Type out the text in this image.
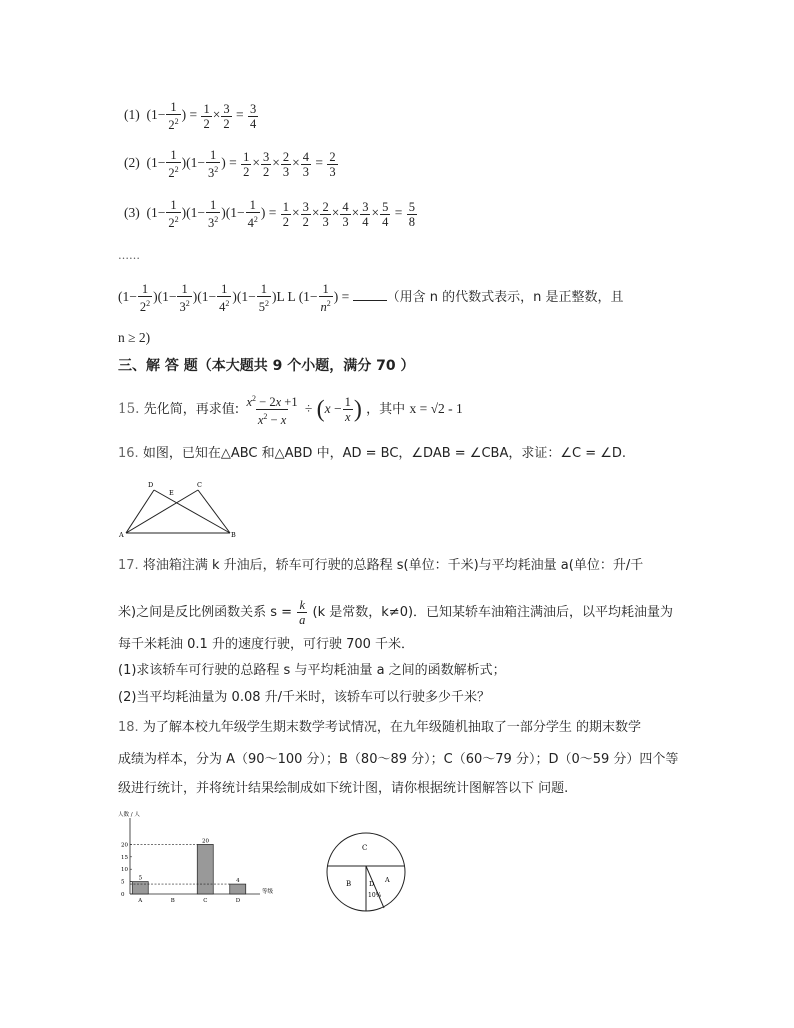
(1) ($1- \frac{1}{2^2}$ ) = $\frac{1}{2} \times \frac{3}{2} = \frac{3}{4}$
(2)  $(1- \frac{1}{2^2} )(1- \frac{1}{3^2}$ ) = $\frac{1}{2} \times \frac{3}{2} \times \frac{2}{3} \times \frac{4}{3} = \frac{2}{3}$
(3)  $(1- \frac{1}{2^2} )(1- \frac{1}{3^2} )(1- \frac{1}{4^2}$ ) = $\frac{1}{2} \times \frac{3}{2} \times \frac{2}{3} \times \frac{4}{3} \times \frac{3}{4} \times \frac{5}{4} = \frac{5}{8}$
……
$(1- \frac{1}{2^2} )(1- \frac{1}{3^2} )(1- \frac{1}{4^2} )(1- \frac{1}{5^2} )L$ L ($1- \frac{1}{n^2}$ ) =	（用含 n 的代数式表示，n 是正整数，且
n ≥ 2)
三、解 答 题（本大题共 9 个小题，满分 70 ）
15. 先化简，再求值: $\frac{x^2 - 2x +1}{x^2 - x} \div (x - \frac{1}{x}$ ) ，其中 x = √2 - 1
16. 如图，已知在△ABC 和△ABD 中，AD = BC，∠DAB = ∠CBA，求证：∠C = ∠D.
D
E
C
A	B
17. 将油箱注满 k 升油后，轿车可行驶的总路程 s(单位：千米)与平均耗油量 a(单位：升/千
米)之间是反比例函数关系 $s = \frac{k}{a} (k$ 是常数，k≠0)．已知某轿车油箱注满油后，以平均耗油量为
每千米耗油 0.1 升的速度行驶，可行驶 700 千米．
(1)求该轿车可行驶的总路程 s 与平均耗油量 a 之间的函数解析式；
(2)当平均耗油量为 0.08 升/千米时，该轿车可以行驶多少千米？
18. 为了解本校九年级学生期末数学考试情况，在九年级随机抽取了一部分学生 的期末数学
成绩为样本，分为 A（90～100 分）；B（80～89 分）；C（60～79 分）；D（0～59 分）四个等
级进行统计，并将统计结果绘制成如下统计图，请你根据统计图解答以下 问题.
人数 / 人
等级
0
5
10
15
20
5
A	B
20
C
4
D
C
B	D A
10%
